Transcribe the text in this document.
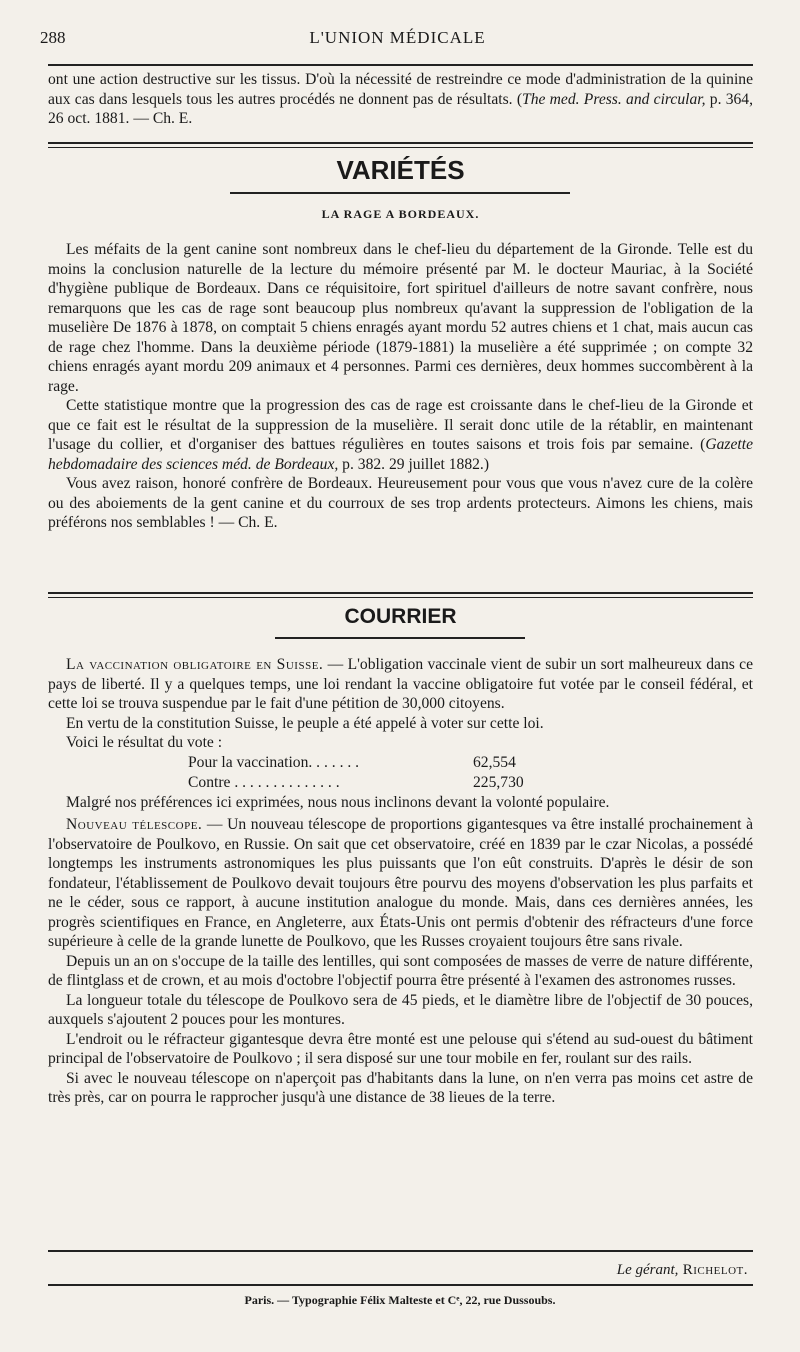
288	L'UNION MÉDICALE

ont une action destructive sur les tissus. D'où la nécessité de restreindre ce mode d'administration de la quinine aux cas dans lesquels tous les autres procédés ne donnent pas de résultats. (The med. Press. and circular, p. 364, 26 oct. 1881. — Ch. E.

VARIÉTÉS
LA RAGE A BORDEAUX.

Les méfaits de la gent canine sont nombreux dans le chef-lieu du département de la Gironde. Telle est du moins la conclusion naturelle de la lecture du mémoire présenté par M. le docteur Mauriac, à la Société d'hygiène publique de Bordeaux. Dans ce réquisitoire, fort spirituel d'ailleurs de notre savant confrère, nous remarquons que les cas de rage sont beaucoup plus nombreux qu'avant la suppression de l'obligation de la muselière De 1876 à 1878, on comptait 5 chiens enragés ayant mordu 52 autres chiens et 1 chat, mais aucun cas de rage chez l'homme. Dans la deuxième période (1879-1881) la muselière a été supprimée ; on compte 32 chiens enragés ayant mordu 209 animaux et 4 personnes. Parmi ces dernières, deux hommes succombèrent à la rage.

Cette statistique montre que la progression des cas de rage est croissante dans le chef-lieu de la Gironde et que ce fait est le résultat de la suppression de la muselière. Il serait donc utile de la rétablir, en maintenant l'usage du collier, et d'organiser des battues régulières en toutes saisons et trois fois par semaine. (Gazette hebdomadaire des sciences méd. de Bordeaux, p. 382. 29 juillet 1882.)

Vous avez raison, honoré confrère de Bordeaux. Heureusement pour vous que vous n'avez cure de la colère ou des aboiements de la gent canine et du courroux de ses trop ardents protecteurs. Aimons les chiens, mais préférons nos semblables ! — Ch. E.

COURRIER

La vaccination obligatoire en Suisse. — L'obligation vaccinale vient de subir un sort malheureux dans ce pays de liberté. Il y a quelques temps, une loi rendant la vaccine obligatoire fut votée par le conseil fédéral, et cette loi se trouva suspendue par le fait d'une pétition de 30,000 citoyens.

En vertu de la constitution Suisse, le peuple a été appelé à voter sur cette loi.

Voici le résultat du vote :

Pour la vaccination. . . . . . .	62,554
Contre . . . . . . . . . . . . . .	225,730

Malgré nos préférences ici exprimées, nous nous inclinons devant la volonté populaire.

Nouveau télescope. — Un nouveau télescope de proportions gigantesques va être installé prochainement à l'observatoire de Poulkovo, en Russie. On sait que cet observatoire, créé en 1839 par le czar Nicolas, a possédé longtemps les instruments astronomiques les plus puissants que l'on eût construits. D'après le désir de son fondateur, l'établissement de Poulkovo devait toujours être pourvu des moyens d'observation les plus parfaits et ne le céder, sous ce rapport, à aucune institution analogue du monde. Mais, dans ces dernières années, les progrès scientifiques en France, en Angleterre, aux États-Unis ont permis d'obtenir des réfracteurs d'une force supérieure à celle de la grande lunette de Poulkovo, que les Russes croyaient toujours être sans rivale.

Depuis un an on s'occupe de la taille des lentilles, qui sont composées de masses de verre de nature différente, de flintglass et de crown, et au mois d'octobre l'objectif pourra être présenté à l'examen des astronomes russes.

La longueur totale du télescope de Poulkovo sera de 45 pieds, et le diamètre libre de l'objectif de 30 pouces, auxquels s'ajoutent 2 pouces pour les montures.

L'endroit ou le réfracteur gigantesque devra être monté est une pelouse qui s'étend au sud-ouest du bâtiment principal de l'observatoire de Poulkovo ; il sera disposé sur une tour mobile en fer, roulant sur des rails.

Si avec le nouveau télescope on n'aperçoit pas d'habitants dans la lune, on n'en verra pas moins cet astre de très près, car on pourra le rapprocher jusqu'à une distance de 38 lieues de la terre.

Le gérant, Richelot.
Paris. — Typographie Félix Malteste et Cᵉ, 22, rue Dussoubs.
